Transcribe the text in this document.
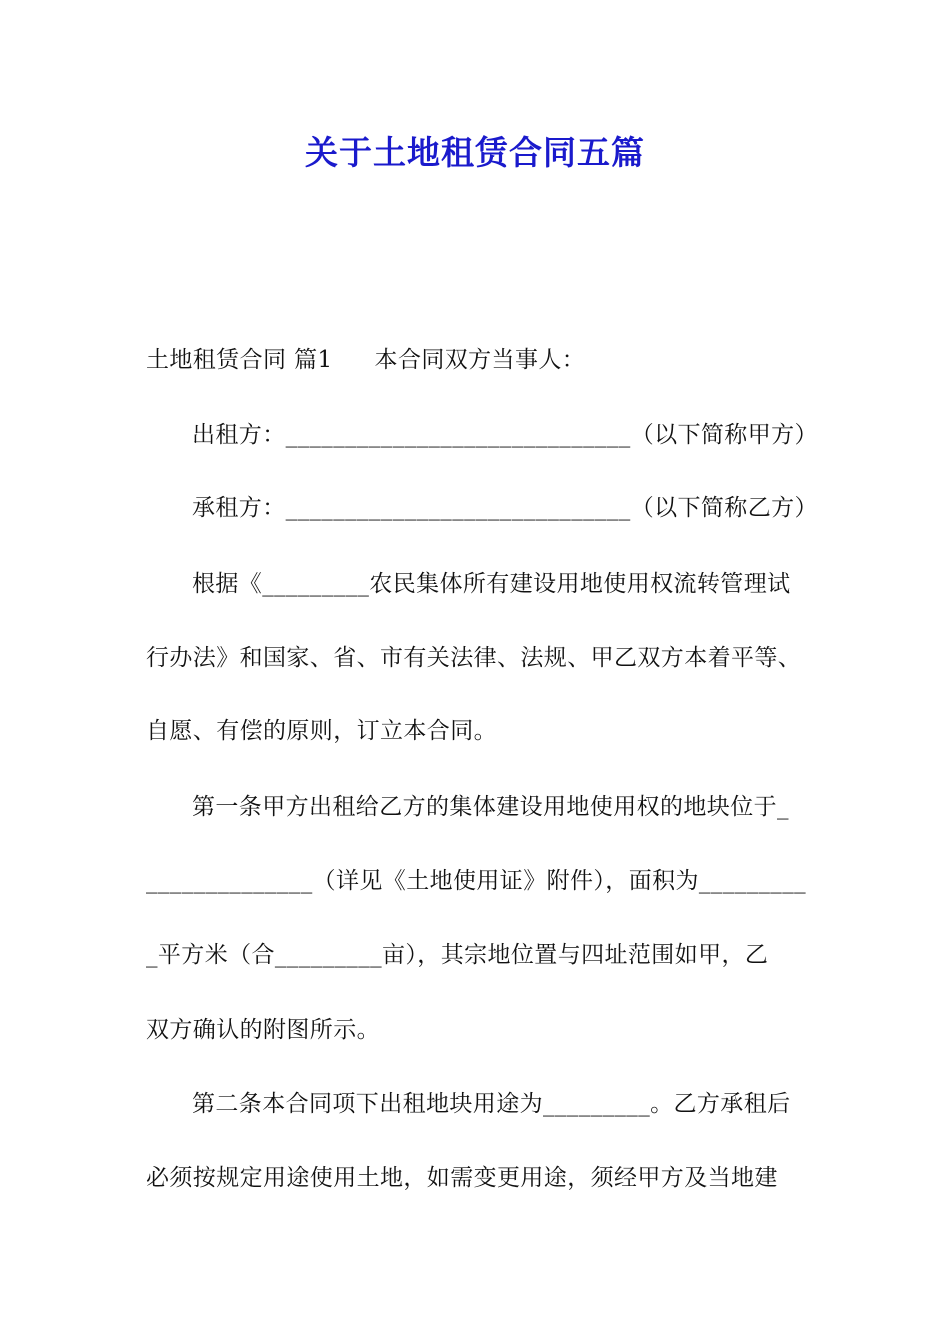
关于土地租赁合同五篇
土地租赁合同 篇1 本合同双方当事人：
出租方：_____________________________（以下简称甲方）
承租方：_____________________________（以下简称乙方）
根据《_________农民集体所有建设用地使用权流转管理试
行办法》和国家、省、市有关法律、法规、甲乙双方本着平等、
自愿、有偿的原则，订立本合同。
第一条甲方出租给乙方的集体建设用地使用权的地块位于_
______________（详见《土地使用证》附件），面积为_________
_平方米（合_________亩），其宗地位置与四址范围如甲，乙
双方确认的附图所示。
第二条本合同项下出租地块用途为_________。乙方承租后
必须按规定用途使用土地，如需变更用途，须经甲方及当地建
